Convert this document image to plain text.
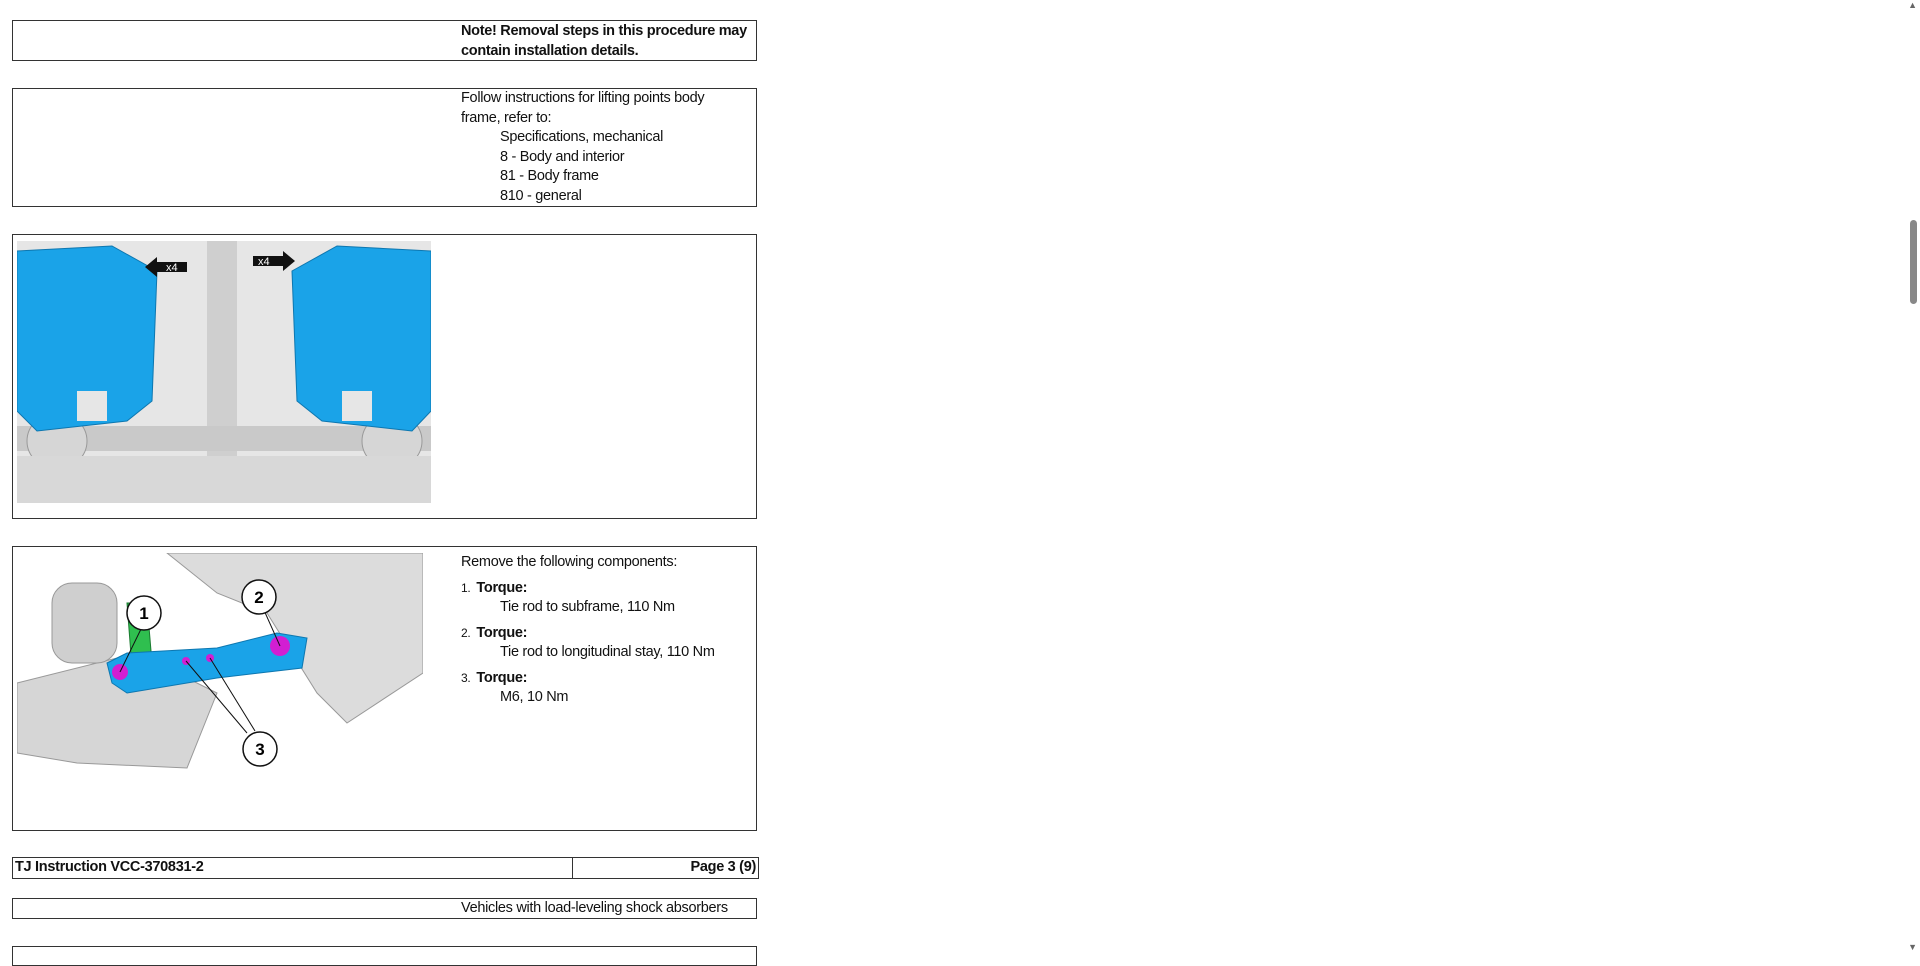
Note! Removal steps in this procedure may
contain installation details.
Follow instructions for lifting points body
frame, refer to:
Specifications, mechanical
8 - Body and interior
81 - Body frame
810 - general
x4	x4
1
2
3
Remove the following components:
$^{1.}$ Torque:
Tie rod to subframe, 110 Nm
$^{2.}$ Torque:
Tie rod to longitudinal stay, 110 Nm
$^{3.}$ Torque:
M6, 10 Nm
TJ Instruction VCC-370831-2	Page 3 (9)
Vehicles with load-leveling shock absorbers
▲
▼
